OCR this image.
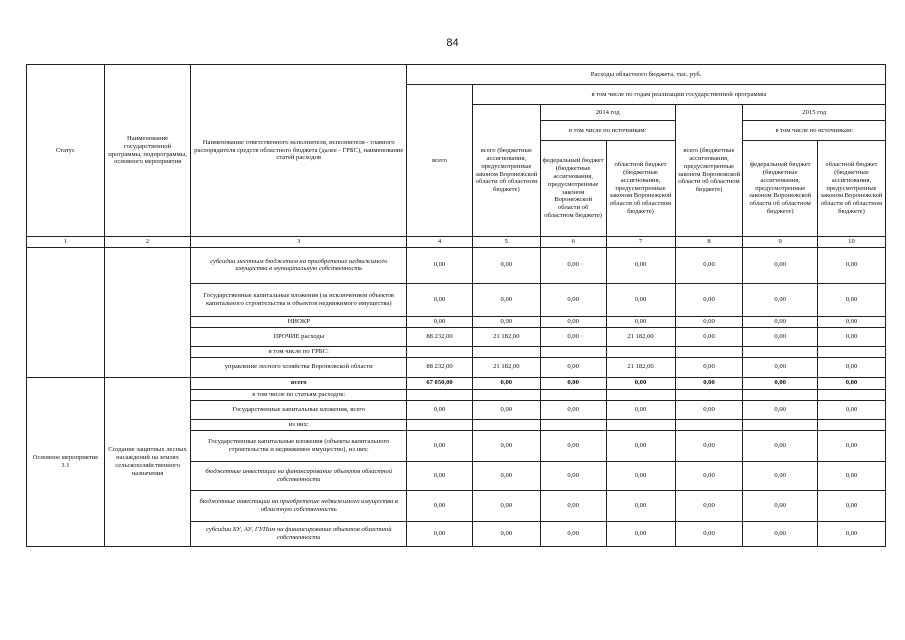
84
Статус	Наименование государственной программы, подпрограммы, основного мероприятия	Наименование ответственного исполнителя, исполнителя - главного распорядителя средств областного бюджета (далее - ГРБС), наименование статей расходов	Расходы областного бюджета, тыс. руб.						
			всего	в том числе по годам реализации государственной программы					
				всего (бюджетные ассигнования, предусмотренные законом Воронежской области об областном бюджете)	2014 год		всего (бюджетные ассигнования, предусмотренные законом Воронежской области об областном бюджете)	2015 год	
					в том числе по источникам:			в том числе по источникам:	
					федеральный бюджет (бюджетные ассигнования, предусмотренные законом Воронежской области об областном бюджете)	областной бюджет (бюджетные ассигнования, предусмотренные законом Воронежской области об областном бюджете)		федеральный бюджет (бюджетные ассигнования, предусмотренные законом Воронежской области об областном бюджете)	областной бюджет (бюджетные ассигнования, предусмотренные законом Воронежской области об областном бюджете)
1	2	3	4	5	6	7	8	9	10
		субсидии местным бюджетам на приобретение недвижимого имущества в муниципальную собственность	0,00	0,00	0,00	0,00	0,00	0,00	0,00
		Государственные капитальные вложения (за исключением объектов капитального строительства и объектов недвижимого имущества)	0,00	0,00	0,00	0,00	0,00	0,00	0,00
		НИОКР	0,00	0,00	0,00	0,00	0,00	0,00	0,00
		ПРОЧИЕ расходы	88 232,00	21 182,00	0,00	21 182,00	0,00	0,00	0,00
		в том числе по ГРБС:							
		управление лесного хозяйства Воронежской области	88 232,00	21 182,00	0,00	21 182,00	0,00	0,00	0,00
Основное мероприятие 3.1	Создание защитных лесных насаждений на землях сельскохозяйственного назначения	всего	67 050,00	0,00	0,00	0,00	0,00	0,00	0,00
		в том числе по статьям расходов:							
		Государственные капитальные вложения, всего	0,00	0,00	0,00	0,00	0,00	0,00	0,00
		из них:							
		Государственные капитальные вложения (объекты капитального строительства и недвижимое имущество), из них:	0,00	0,00	0,00	0,00	0,00	0,00	0,00
		бюджетные инвестиции на финансирование объектов областной собственности	0,00	0,00	0,00	0,00	0,00	0,00	0,00
		бюджетные инвестиции на приобретение недвижимого имущества в областную собственность	0,00	0,00	0,00	0,00	0,00	0,00	0,00
		субсидии БУ, АУ, ГУПам на финансирование объектов областной собственности	0,00	0,00	0,00	0,00	0,00	0,00	0,00
